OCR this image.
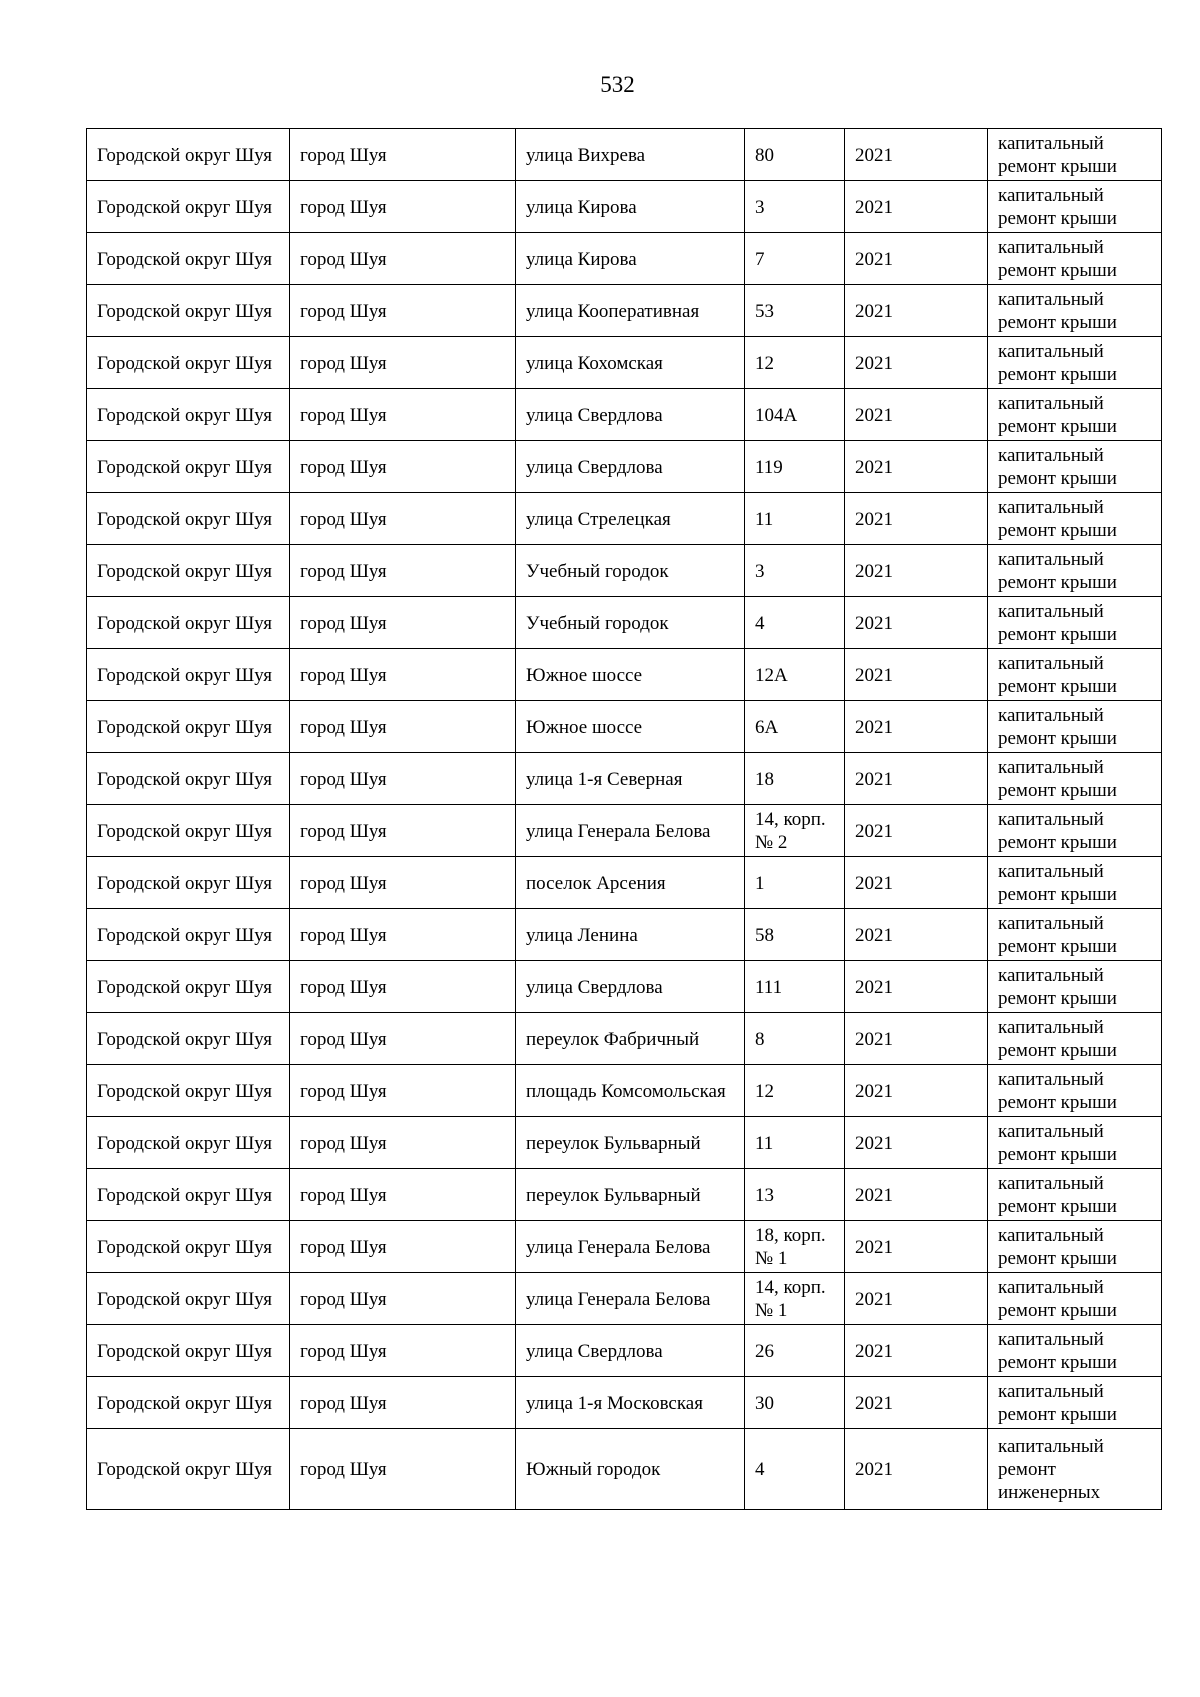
532
Городской округ Шуя	город Шуя	улица Вихрева	80	2021	капитальный ремонт крыши

Городской округ Шуя	город Шуя	улица Кирова	3	2021	капитальный ремонт крыши

Городской округ Шуя	город Шуя	улица Кирова	7	2021	капитальный ремонт крыши

Городской округ Шуя	город Шуя	улица Кооперативная	53	2021	капитальный ремонт крыши

Городской округ Шуя	город Шуя	улица Кохомская	12	2021	капитальный ремонт крыши

Городской округ Шуя	город Шуя	улица Свердлова	104А	2021	капитальный ремонт крыши

Городской округ Шуя	город Шуя	улица Свердлова	119	2021	капитальный ремонт крыши

Городской округ Шуя	город Шуя	улица Стрелецкая	11	2021	капитальный ремонт крыши

Городской округ Шуя	город Шуя	Учебный городок	3	2021	капитальный ремонт крыши

Городской округ Шуя	город Шуя	Учебный городок	4	2021	капитальный ремонт крыши

Городской округ Шуя	город Шуя	Южное шоссе	12А	2021	капитальный ремонт крыши

Городской округ Шуя	город Шуя	Южное шоссе	6А	2021	капитальный ремонт крыши

Городской округ Шуя	город Шуя	улица 1-я Северная	18	2021	капитальный ремонт крыши

Городской округ Шуя	город Шуя	улица Генерала Белова	14, корп. № 2	2021	капитальный ремонт крыши

Городской округ Шуя	город Шуя	поселок Арсения	1	2021	капитальный ремонт крыши

Городской округ Шуя	город Шуя	улица Ленина	58	2021	капитальный ремонт крыши

Городской округ Шуя	город Шуя	улица Свердлова	111	2021	капитальный ремонт крыши

Городской округ Шуя	город Шуя	переулок Фабричный	8	2021	капитальный ремонт крыши

Городской округ Шуя	город Шуя	площадь Комсомольская	12	2021	капитальный ремонт крыши

Городской округ Шуя	город Шуя	переулок Бульварный	11	2021	капитальный ремонт крыши

Городской округ Шуя	город Шуя	переулок Бульварный	13	2021	капитальный ремонт крыши

Городской округ Шуя	город Шуя	улица Генерала Белова	18, корп. № 1	2021	капитальный ремонт крыши

Городской округ Шуя	город Шуя	улица Генерала Белова	14, корп. № 1	2021	капитальный ремонт крыши

Городской округ Шуя	город Шуя	улица Свердлова	26	2021	капитальный ремонт крыши

Городской округ Шуя	город Шуя	улица 1-я Московская	30	2021	капитальный ремонт крыши

Городской округ Шуя	город Шуя	Южный городок	4	2021	капитальный ремонт инженерных
